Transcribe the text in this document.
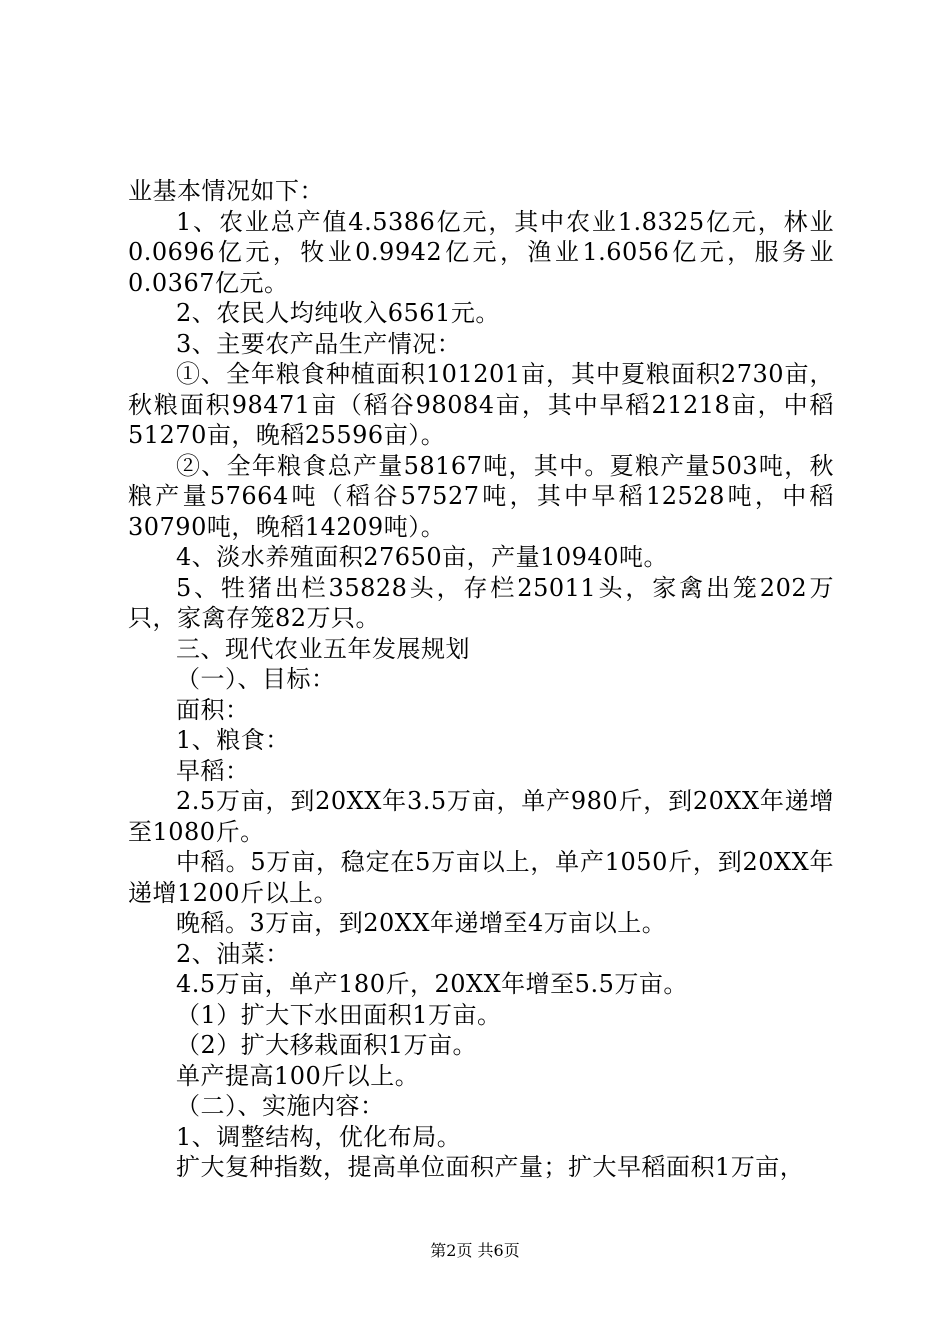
业基本情况如下：

1、农业总产值4.5386亿元，其中农业1.8325亿元，林业0.0696亿元，牧业0.9942亿元，渔业1.6056亿元，服务业0.0367亿元。

2、农民人均纯收入6561元。

3、主要农产品生产情况：

①、全年粮食种植面积101201亩，其中夏粮面积2730亩，秋粮面积98471亩（稻谷98084亩，其中早稻21218亩，中稻51270亩，晚稻25596亩）。

②、全年粮食总产量58167吨，其中。夏粮产量503吨，秋粮产量57664吨（稻谷57527吨，其中早稻12528吨，中稻30790吨，晚稻14209吨）。

4、淡水养殖面积27650亩，产量10940吨。

5、牲猪出栏35828头，存栏25011头，家禽出笼202万只，家禽存笼82万只。

三、现代农业五年发展规划

（一）、目标：

面积：

1、粮食：

早稻：

2.5万亩，到20XX年3.5万亩，单产980斤，到20XX年递增至1080斤。

中稻。5万亩，稳定在5万亩以上，单产1050斤，到20XX年递增1200斤以上。

晚稻。3万亩，到20XX年递增至4万亩以上。

2、油菜：

4.5万亩，单产180斤，20XX年增至5.5万亩。

（1）扩大下水田面积1万亩。

（2）扩大移栽面积1万亩。

单产提高100斤以上。

（二）、实施内容：

1、调整结构，优化布局。

扩大复种指数，提高单位面积产量；扩大早稻面积1万亩，

第2页 共6页
